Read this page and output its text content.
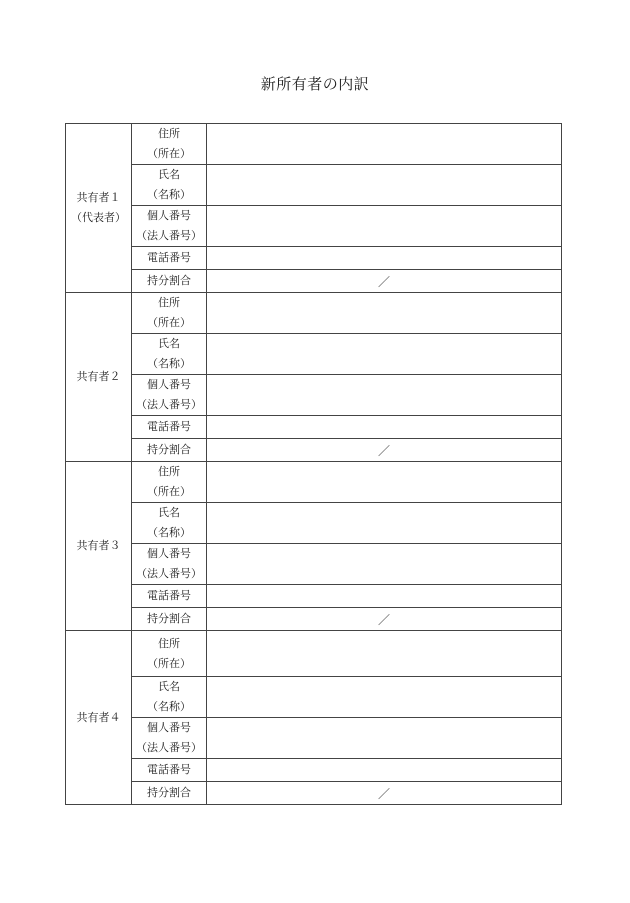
新所有者の内訳
共有者１
（代表者）	住所
（所在）	

	氏名
（名称）	

	個人番号
（法人番号）	

	電話番号	
	持分割合	／

共有者２	住所
（所在）	

	氏名
（名称）	

	個人番号
（法人番号）	

	電話番号	
	持分割合	／

共有者３	住所
（所在）	

	氏名
（名称）	

	個人番号
（法人番号）	

	電話番号	
	持分割合	／

共有者４	住所
（所在）	

	氏名
（名称）	

	個人番号
（法人番号）	

	電話番号	
	持分割合	／
